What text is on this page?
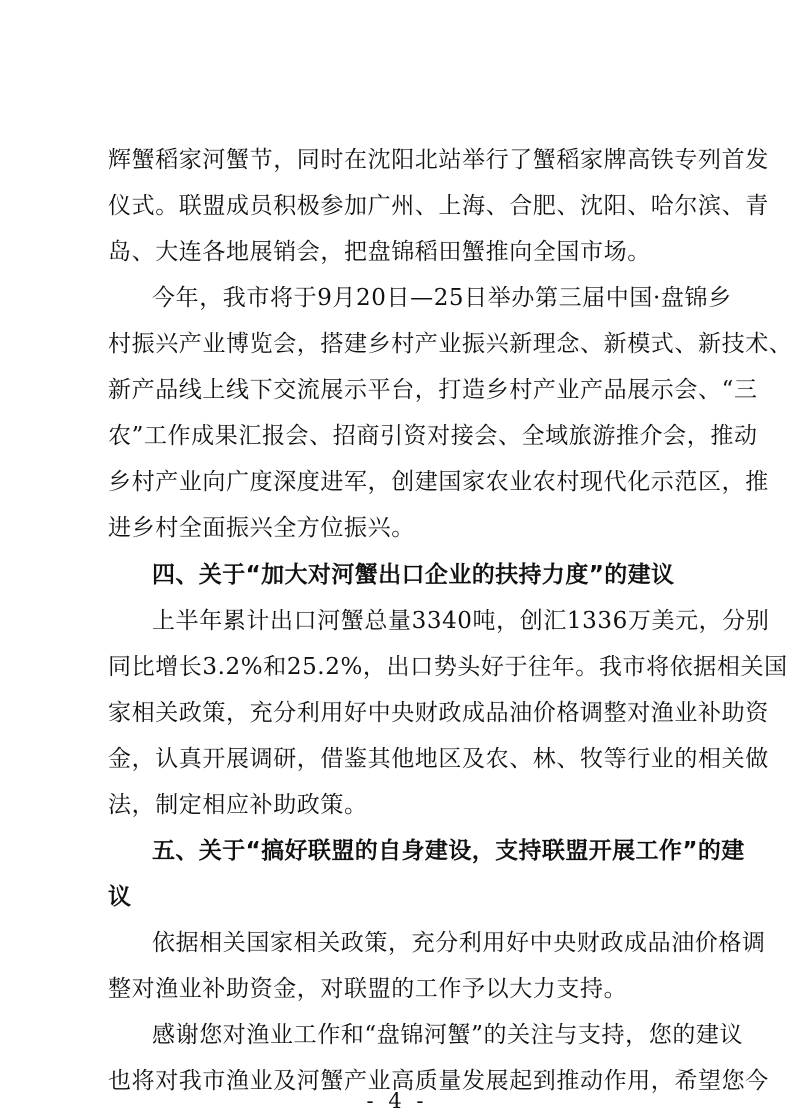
辉蟹稻家河蟹节，同时在沈阳北站举行了蟹稻家牌高铁专列首发
仪式。联盟成员积极参加广州、上海、合肥、沈阳、哈尔滨、青
岛、大连各地展销会，把盘锦稻田蟹推向全国市场。
今年，我市将于9月20日—25日举办第三届中国·盘锦乡
村振兴产业博览会，搭建乡村产业振兴新理念、新模式、新技术、
新产品线上线下交流展示平台，打造乡村产业产品展示会、“三
农”工作成果汇报会、招商引资对接会、全域旅游推介会，推动
乡村产业向广度深度进军，创建国家农业农村现代化示范区，推
进乡村全面振兴全方位振兴。
四、关于“加大对河蟹出口企业的扶持力度”的建议
上半年累计出口河蟹总量3340吨，创汇1336万美元，分别
同比增长3.2%和25.2%，出口势头好于往年。我市将依据相关国
家相关政策，充分利用好中央财政成品油价格调整对渔业补助资
金，认真开展调研，借鉴其他地区及农、林、牧等行业的相关做
法，制定相应补助政策。
五、关于“搞好联盟的自身建设，支持联盟开展工作”的建
议
依据相关国家相关政策，充分利用好中央财政成品油价格调
整对渔业补助资金，对联盟的工作予以大力支持。
感谢您对渔业工作和“盘锦河蟹”的关注与支持，您的建议
也将对我市渔业及河蟹产业高质量发展起到推动作用，希望您今
- 4 -
